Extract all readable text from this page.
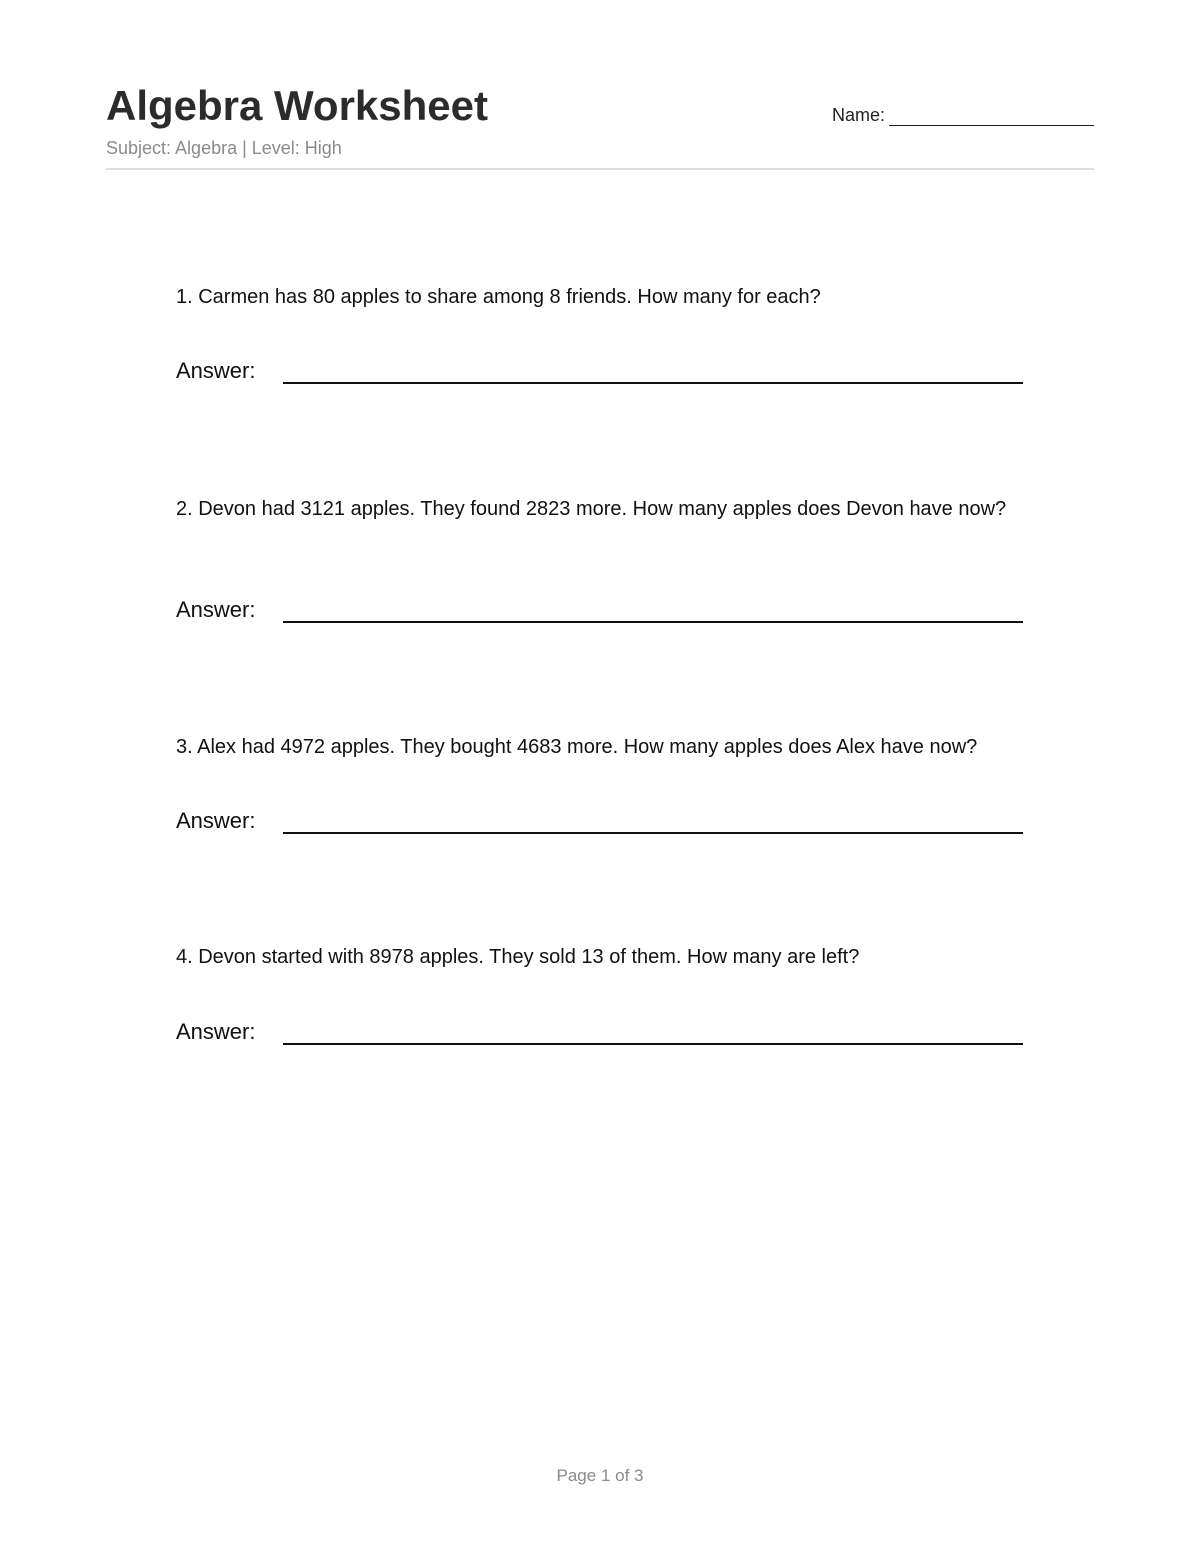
Algebra Worksheet
Subject: Algebra | Level: High
Name:
1. Carmen has 80 apples to share among 8 friends. How many for each?
Answer:
2. Devon had 3121 apples. They found 2823 more. How many apples does Devon have now?
Answer:
3. Alex had 4972 apples. They bought 4683 more. How many apples does Alex have now?
Answer:
4. Devon started with 8978 apples. They sold 13 of them. How many are left?
Answer:
Page 1 of 3
